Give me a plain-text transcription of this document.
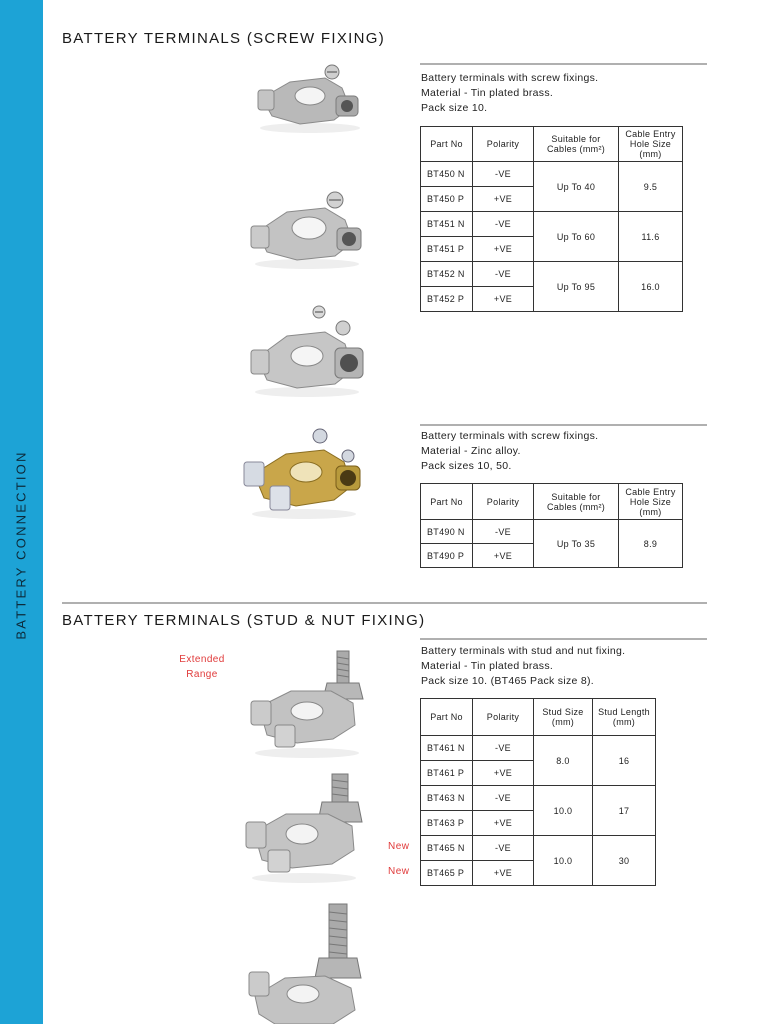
BATTERY CONNECTION
BATTERY TERMINALS (SCREW FIXING)
Battery terminals with screw fixings.
Material - Tin plated brass.
Pack size 10.
Part No	Polarity	Suitable for Cables (mm²)	Cable Entry Hole Size (mm)
BT450 N	-VE	Up To 40	9.5
BT450 P	+VE		
BT451 N	-VE	Up To 60	11.6
BT451 P	+VE		
BT452 N	-VE	Up To 95	16.0
BT452 P	+VE		
Battery terminals with screw fixings.
Material - Zinc alloy.
Pack sizes 10, 50.
Part No	Polarity	Suitable for Cables (mm²)	Cable Entry Hole Size (mm)
BT490 N	-VE	Up To 35	8.9
BT490 P	+VE		
BATTERY TERMINALS (STUD & NUT FIXING)
Battery terminals with stud and nut fixing.
Material - Tin plated brass.
Pack size 10. (BT465 Pack size 8).
Extended Range
Part No	Polarity	Stud Size (mm)	Stud Length (mm)
BT461 N	-VE	8.0	16
BT461 P	+VE		
BT463 N	-VE	10.0	17
BT463 P	+VE		
BT465 N	-VE	10.0	30
BT465 P	+VE		
New
New
